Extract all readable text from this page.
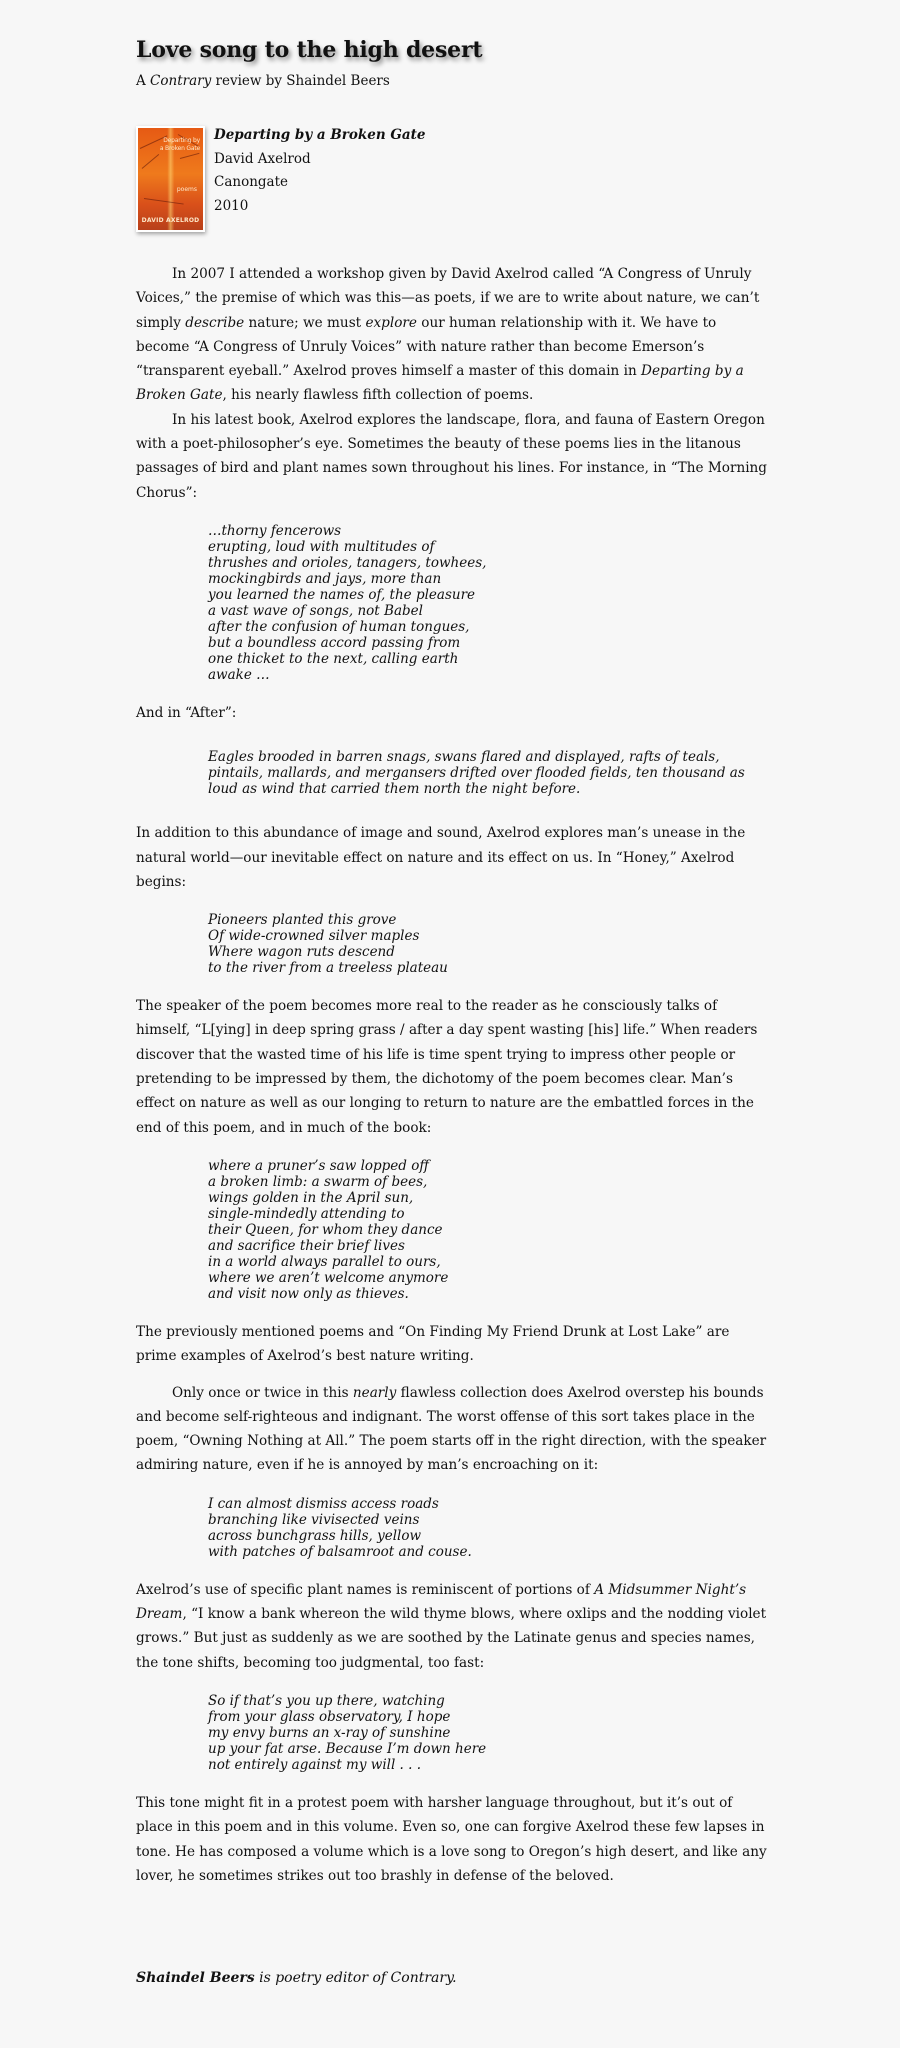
Love song to the high desert
A Contrary review by Shaindel Beers
Departing by
a Broken Gate
poems
DAVID AXELROD
Departing by a Broken Gate
David Axelrod
Canongate
2010

In 2007 I attended a workshop given by David Axelrod called “A Congress of Unruly Voices,” the premise of which was this—as poets, if we are to write about nature, we can’t simply describe nature; we must explore our human relationship with it. We have to become “A Congress of Unruly Voices” with nature rather than become Emerson’s “transparent eyeball.” Axelrod proves himself a master of this domain in Departing by a Broken Gate, his nearly flawless fifth collection of poems.

In his latest book, Axelrod explores the landscape, flora, and fauna of Eastern Oregon with a poet-philosopher’s eye. Sometimes the beauty of these poems lies in the litanous passages of bird and plant names sown throughout his lines. For instance, in “The Morning Chorus”:

…thorny fencerows
erupting, loud with multitudes of
thrushes and orioles, tanagers, towhees,
mockingbirds and jays, more than
you learned the names of, the pleasure
a vast wave of songs, not Babel
after the confusion of human tongues,
but a boundless accord passing from
one thicket to the next, calling earth
awake …

And in “After”:

Eagles brooded in barren snags, swans flared and displayed, rafts of teals, pintails, mallards, and mergansers drifted over flooded fields, ten thousand as loud as wind that carried them north the night before.

In addition to this abundance of image and sound, Axelrod explores man’s unease in the natural world—our inevitable effect on nature and its effect on us. In “Honey,” Axelrod begins:

Pioneers planted this grove
Of wide-crowned silver maples
Where wagon ruts descend
to the river from a treeless plateau

The speaker of the poem becomes more real to the reader as he consciously talks of himself, “L[ying] in deep spring grass / after a day spent wasting [his] life.” When readers discover that the wasted time of his life is time spent trying to impress other people or pretending to be impressed by them, the dichotomy of the poem becomes clear. Man’s effect on nature as well as our longing to return to nature are the embattled forces in the end of this poem, and in much of the book:

where a pruner’s saw lopped off
a broken limb: a swarm of bees,
wings golden in the April sun,
single-mindedly attending to
their Queen, for whom they dance
and sacrifice their brief lives
in a world always parallel to ours,
where we aren’t welcome anymore
and visit now only as thieves.

The previously mentioned poems and “On Finding My Friend Drunk at Lost Lake” are prime examples of Axelrod’s best nature writing.

Only once or twice in this nearly flawless collection does Axelrod overstep his bounds and become self-righteous and indignant. The worst offense of this sort takes place in the poem, “Owning Nothing at All.” The poem starts off in the right direction, with the speaker admiring nature, even if he is annoyed by man’s encroaching on it:

I can almost dismiss access roads
branching like vivisected veins
across bunchgrass hills, yellow
with patches of balsamroot and couse.

Axelrod’s use of specific plant names is reminiscent of portions of A Midsummer Night’s Dream, “I know a bank whereon the wild thyme blows, where oxlips and the nodding violet grows.” But just as suddenly as we are soothed by the Latinate genus and species names, the tone shifts, becoming too judgmental, too fast:

So if that’s you up there, watching
from your glass observatory, I hope
my envy burns an x-ray of sunshine
up your fat arse. Because I’m down here
not entirely against my will . . .

This tone might fit in a protest poem with harsher language throughout, but it’s out of place in this poem and in this volume. Even so, one can forgive Axelrod these few lapses in tone. He has composed a volume which is a love song to Oregon’s high desert, and like any lover, he sometimes strikes out too brashly in defense of the beloved.

Shaindel Beers is poetry editor of Contrary.
